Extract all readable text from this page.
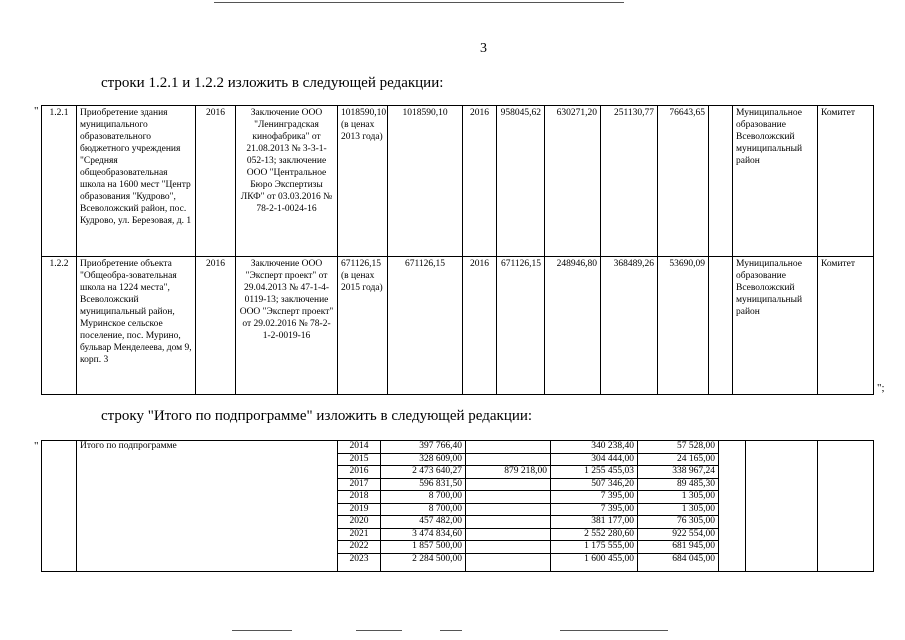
3
строки 1.2.1 и 1.2.2 изложить в следующей редакции:
" 1.2.1	Приобретение здания муниципального образовательного бюджетного учреждения "Средняя общеобразовательная школа на 1600 мест "Центр образования "Кудрово", Всеволожский район, пос. Кудрово, ул. Березовая, д. 1	2016	Заключение ООО "Ленинградская кинофабрика" от 21.08.2013 № 3-3-1-052-13; заключение ООО "Центральное Бюро Экспертизы ЛКФ" от 03.03.2016 № 78-2-1-0024-16	1018590,10 (в ценах 2013 года)	1018590,10	2016	958045,62	630271,20	251130,77	76643,65		Муниципальное образование Всеволожский муниципальный район	Комитет
1.2.2	Приобретение объекта "Общеобра-зовательная школа на 1224 места", Всеволожский муниципальный район, Муринское сельское поселение, пос. Мурино, бульвар Менделеева, дом 9, корп. 3	2016	Заключение ООО "Эксперт проект" от 29.04.2013 № 47-1-4-0119-13; заключение ООО "Эксперт проект" от 29.02.2016 № 78-2-1-2-0019-16	671126,15 (в ценах 2015 года)	671126,15	2016	671126,15	248946,80	368489,26	53690,09		Муниципальное образование Всеволожский муниципальный район	Комитет
";
строку "Итого по подпрограмме" изложить в следующей редакции:
"
		Итого по подпрограмме	2014	397 766,40		340 238,40	57 528,00			
		2015	328 609,00		304 444,00	24 165,00			
		2016	2 473 640,27	879 218,00	1 255 455,03	338 967,24			
		2017	596 831,50		507 346,20	89 485,30			
		2018	8 700,00		7 395,00	1 305,00			
		2019	8 700,00		7 395,00	1 305,00			
		2020	457 482,00		381 177,00	76 305,00			
		2021	3 474 834,60		2 552 280,60	922 554,00			
		2022	1 857 500,00		1 175 555,00	681 945,00			
		2023	2 284 500,00		1 600 455,00	684 045,00			
